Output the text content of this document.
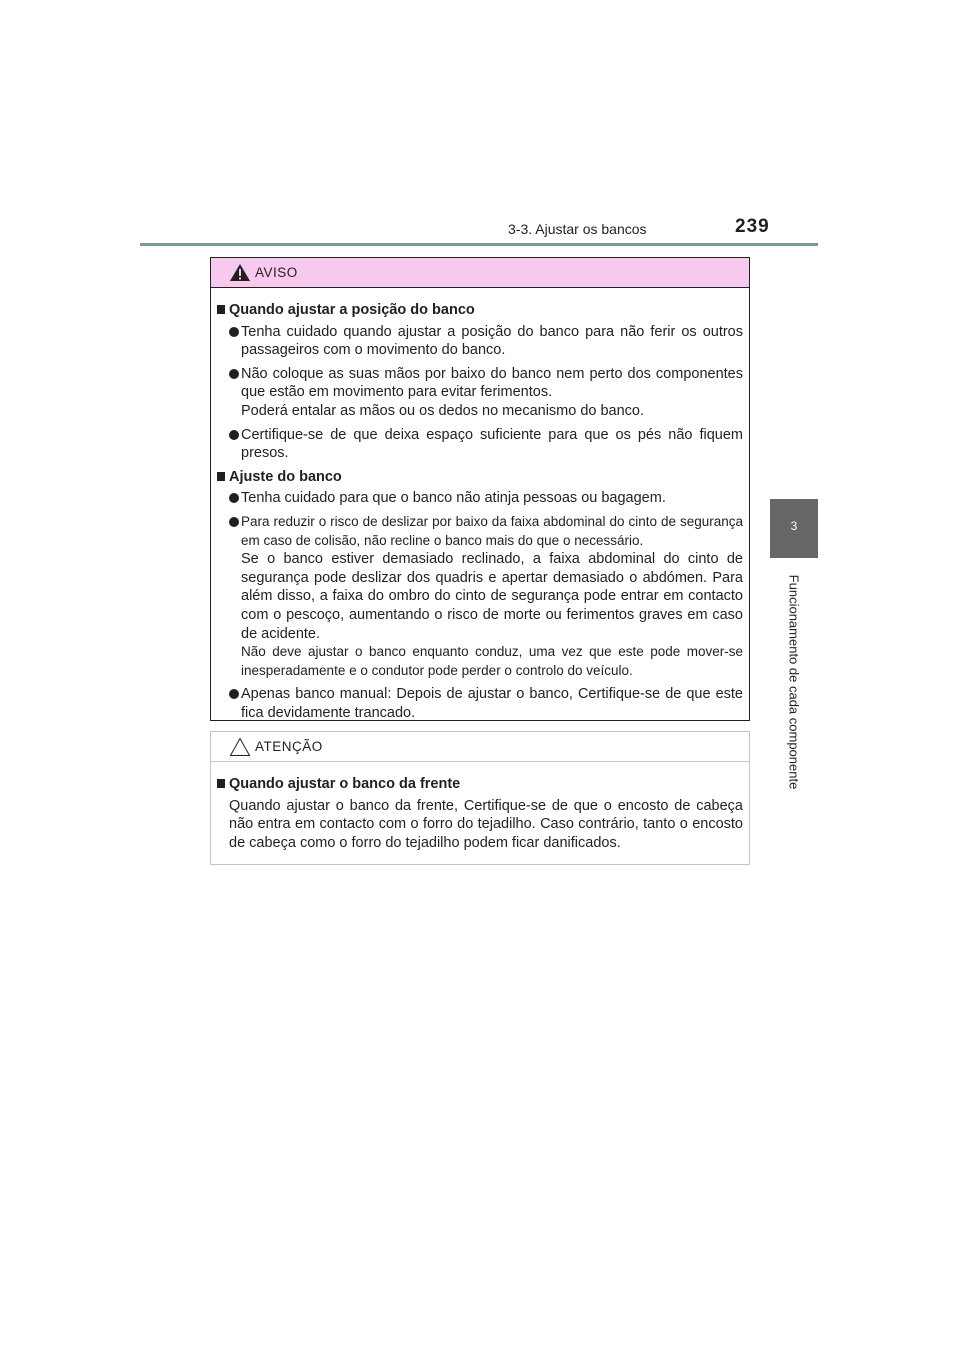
3-3. Ajustar os bancos	239
3
Funcionamento de cada componente
AVISO
Quando ajustar a posição do banco
Tenha cuidado quando ajustar a posição do banco para não ferir os outros passageiros com o movimento do banco.
Não coloque as suas mãos por baixo do banco nem perto dos componentes que estão em movimento para evitar ferimentos.
Poderá entalar as mãos ou os dedos no mecanismo do banco.
Certifique-se de que deixa espaço suficiente para que os pés não fiquem presos.
Ajuste do banco
Tenha cuidado para que o banco não atinja pessoas ou bagagem.
Para reduzir o risco de deslizar por baixo da faixa abdominal do cinto de segurança em caso de colisão, não recline o banco mais do que o necessário.
Se o banco estiver demasiado reclinado, a faixa abdominal do cinto de segurança pode deslizar dos quadris e apertar demasiado o abdómen. Para além disso, a faixa do ombro do cinto de segurança pode entrar em contacto com o pescoço, aumentando o risco de morte ou ferimentos graves em caso de acidente.
Não deve ajustar o banco enquanto conduz, uma vez que este pode mover-se inesperadamente e o condutor pode perder o controlo do veículo.
Apenas banco manual: Depois de ajustar o banco, Certifique-se de que este fica devidamente trancado.
ATENÇÃO
Quando ajustar o banco da frente
Quando ajustar o banco da frente, Certifique-se de que o encosto de cabeça não entra em contacto com o forro do tejadilho. Caso contrário, tanto o encosto de cabeça como o forro do tejadilho podem ficar danificados.
